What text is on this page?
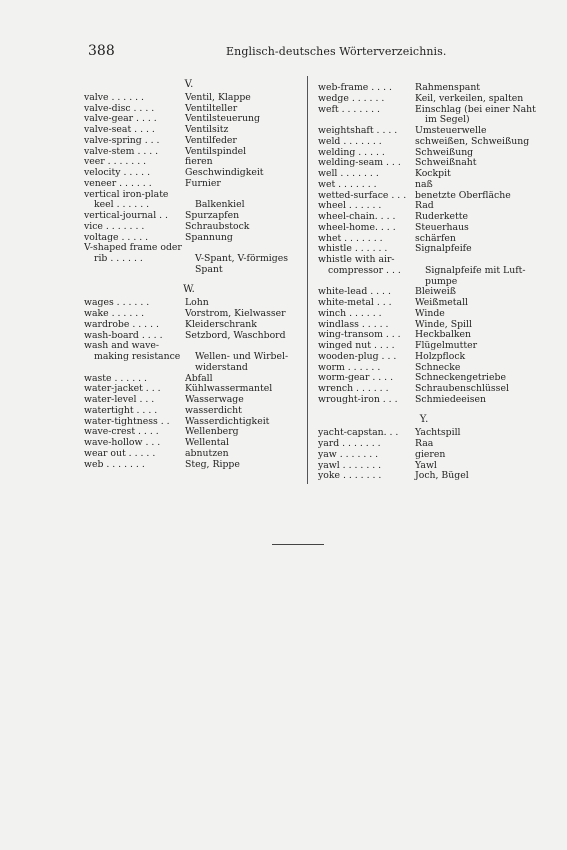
388	Englisch-deutsches Wörterverzeichnis.
V.
valve . . . . . .	Ventil, Klappe
valve-disc . . . .	Ventilteller
valve-gear . . . .	Ventilsteuerung
valve-seat . . . .	Ventilsitz
valve-spring . . .	Ventilfeder
valve-stem . . . .	Ventilspindel
veer . . . . . . .	fieren
velocity . . . . .	Geschwindigkeit
veneer . . . . . .	Furnier
vertical iron-plate
keel . . . . . .	Balkenkiel
vertical-journal . .	Spurzapfen
vice . . . . . . .	Schraubstock
voltage . . . . .	Spannung
V-shaped frame oder
rib . . . . . .	V-Spant, V-förmiges
Spant
W.
wages . . . . . .	Lohn
wake . . . . . .	Vorstrom, Kielwasser
wardrobe . . . . .	Kleiderschrank
wash-board . . . .	Setzbord, Waschbord
wash and wave-
making resistance	Wellen- und Wirbel-
widerstand
waste . . . . . .	Abfall
water-jacket . . .	Kühlwassermantel
water-level . . .	Wasserwage
watertight . . . .	wasserdicht
water-tightness . .	Wasserdichtigkeit
wave-crest . . . .	Wellenberg
wave-hollow . . .	Wellental
wear out . . . . .	abnutzen
web . . . . . . .	Steg, Rippe
web-frame . . . .	Rahmenspant
wedge . . . . . .	Keil, verkeilen, spalten
weft . . . . . . .	Einschlag (bei einer Naht
im Segel)
weightshaft . . . .	Umsteuerwelle
weld . . . . . . .	schweißen, Schweißung
welding . . . . .	Schweißung
welding-seam . . .	Schweißnaht
well . . . . . . .	Kockpit
wet . . . . . . .	naß
wetted-surface . . . benetzte Oberfläche
wheel . . . . . .	Rad
wheel-chain. . . .	Ruderkette
wheel-home. . . .	Steuerhaus
whet . . . . . . .	schärfen
whistle . . . . . .	Signalpfeife
whistle with air-
compressor . . .	Signalpfeife mit Luft-
pumpe
white-lead . . . .	Bleiweiß
white-metal . . .	Weißmetall
winch . . . . . .	Winde
windlass . . . . .	Winde, Spill
wing-transom . . .	Heckbalken
winged nut . . . .	Flügelmutter
wooden-plug . . .	Holzpflock
worm . . . . . .	Schnecke
worm-gear . . . .	Schneckengetriebe
wrench . . . . . .	Schraubenschlüssel
wrought-iron . . .	Schmiedeeisen
Y.
yacht-capstan. . .	Yachtspill
yard . . . . . . .	Raa
yaw . . . . . . .	gieren
yawl . . . . . . .	Yawl
yoke . . . . . . .	Joch, Bügel
